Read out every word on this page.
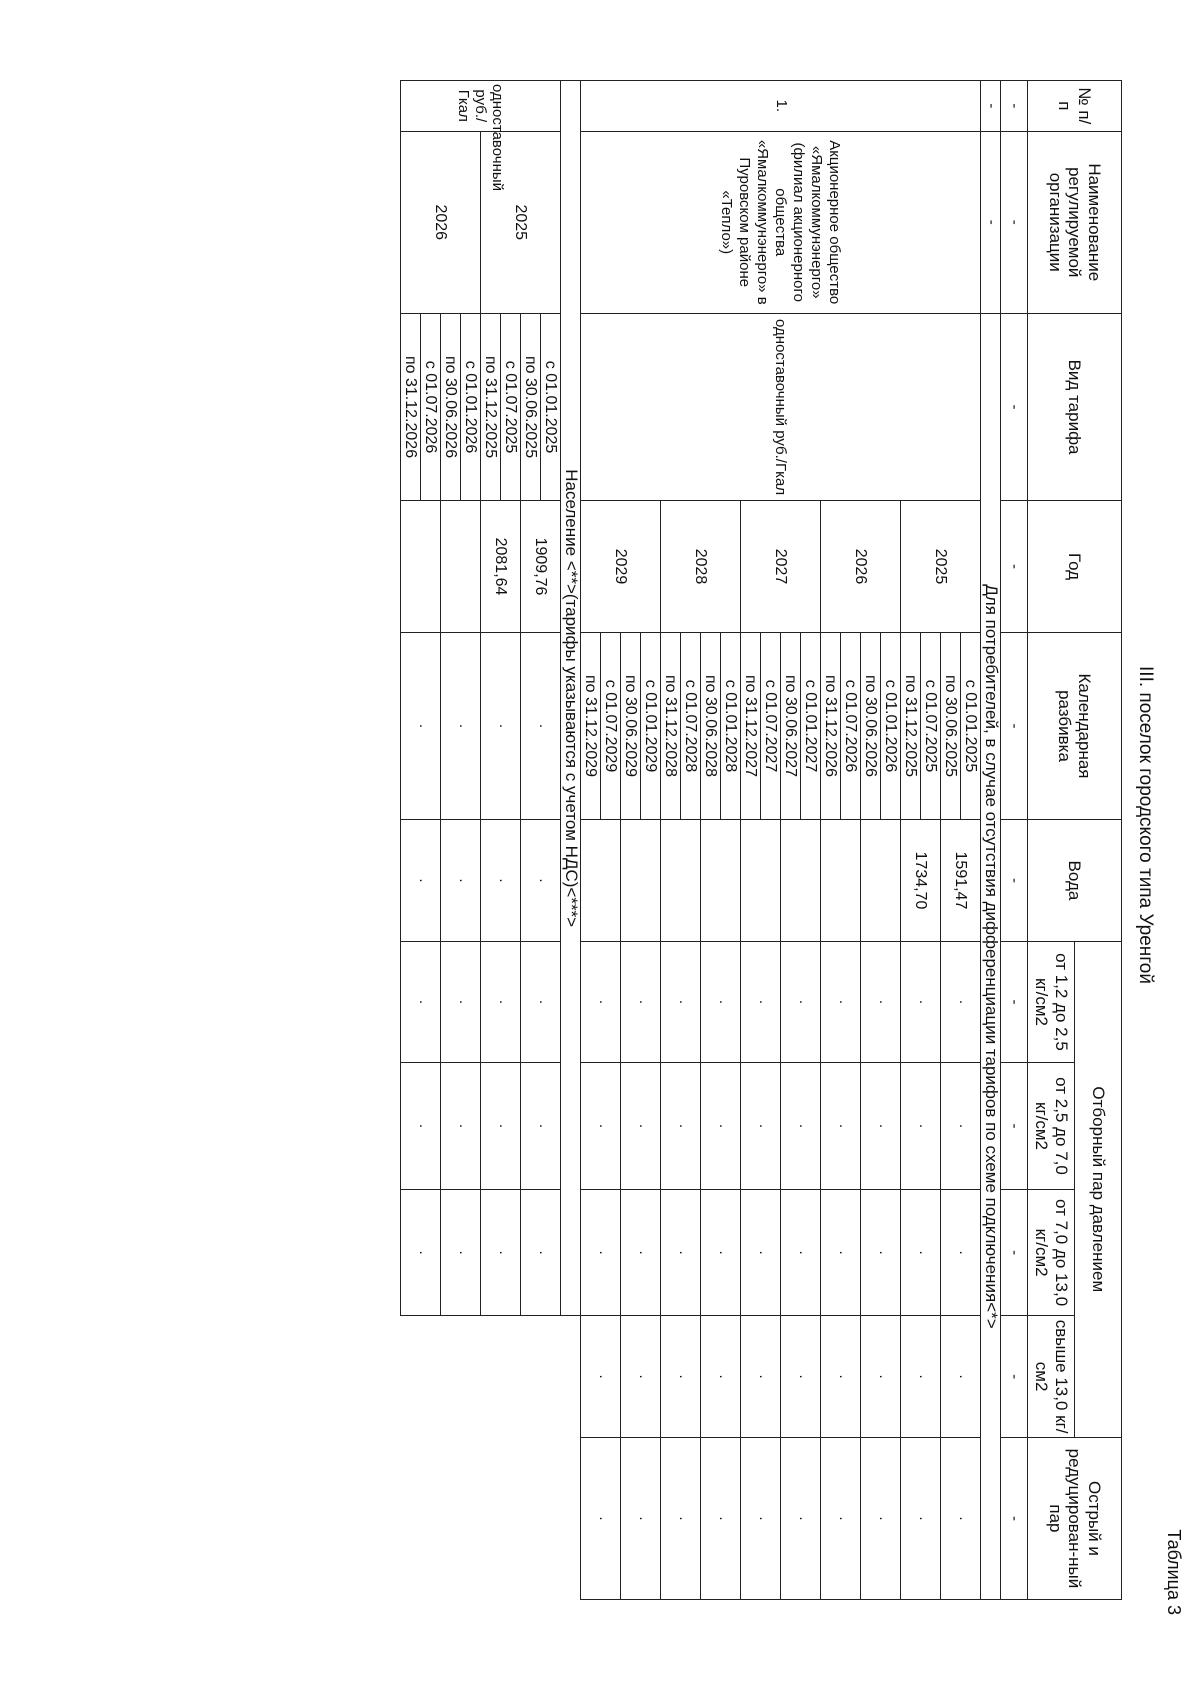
Таблица 3
III. поселок городского типа Уренгой
№ п/п	Наименование регулируемой организации	Вид тарифа	Год	Календарная разбивка	Вода	Отборный пар давлением				Острый и редуцирован-ный пар
						от 1,2 до 2,5 кг/см2	от 2,5 до 7,0 кг/см2	от 7,0 до 13,0 кг/см2	свыше 13,0 кг/см2	
-	-	-	-	-	-	-	-	-	-	-
-	-	Для потребителей, в случае отсутствия дифференциации тарифов по схеме подключения<*>								
1.	Акционерное общество «Ямалкоммунэнерго» (филиал акционерного общества «Ямалкоммунэнерго» в Пуровском районе «Тепло»)	одноставочный руб./Гкал	2025	с 01.01.2025	1591,47	·	·	·	·	·
				по 30.06.2025						
				с 01.07.2025	1734,70	·	·	·	·	·
				по 31.12.2025						
			2026	с 01.01.2026		·	·	·	·	·
				по 30.06.2026						
				с 01.07.2026		·	·	·	·	·
				по 31.12.2026						
			2027	с 01.01.2027		·	·	·	·	·
				по 30.06.2027						
				с 01.07.2027		·	·	·	·	·
				по 31.12.2027						
			2028	с 01.01.2028		·	·	·	·	·
				по 30.06.2028						
				с 01.07.2028		·	·	·	·	·
				по 31.12.2028						
			2029	с 01.01.2029		·	·	·	·	·
				по 30.06.2029						
				с 01.07.2029		·	·	·	·	·
				по 31.12.2029						
Население <**>(тарифы указываются с учетом НДС)<***>										
одноставочный руб./Гкал	2025	с 01.01.2025	1909,76	·	·	·	·	·		
		по 30.06.2025								
		с 01.07.2025	2081,64	·	·	·	·	·		
		по 31.12.2025								
	2026	с 01.01.2026		·	·	·	·	·		
		по 30.06.2026								
		с 01.07.2026		·	·	·	·	·		
		по 31.12.2026								
